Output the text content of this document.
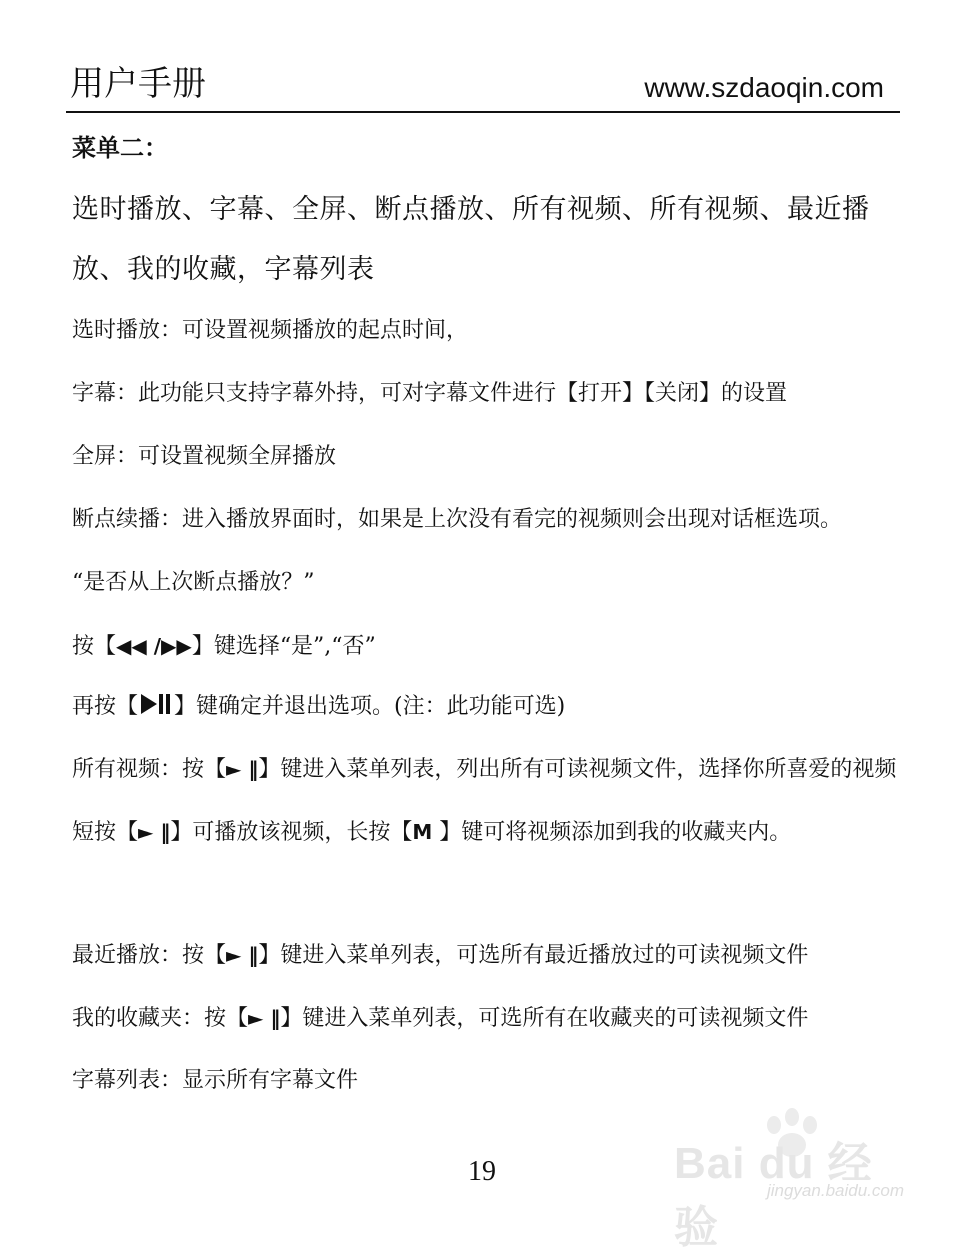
用户手册	www.szdaoqin.com
菜单二：
选时播放、字幕、全屏、断点播放、所有视频、所有视频、最近播放、我的收藏，字幕列表
选时播放：可设置视频播放的起点时间，
字幕：此功能只支持字幕外持，可对字幕文件进行【打开】【关闭】的设置
全屏：可设置视频全屏播放
断点续播：进入播放界面时，如果是上次没有看完的视频则会出现对话框选项。
“是否从上次断点播放？”
按【◀◀ /▶▶】键选择“是”,“否”
再按【 】键确定并退出选项。(注：此功能可选)
所有视频：按【► ‖】键进入菜单列表，列出所有可读视频文件，选择你所喜爱的视频短按【► ‖】可播放该视频，长按【M 】键可将视频添加到我的收藏夹内。
最近播放：按【► ‖】键进入菜单列表，可选所有最近播放过的可读视频文件
我的收藏夹：按【► ‖】键进入菜单列表，可选所有在收藏夹的可读视频文件
字幕列表：显示所有字幕文件
19	Bai du 经验
jingyan.baidu.com
